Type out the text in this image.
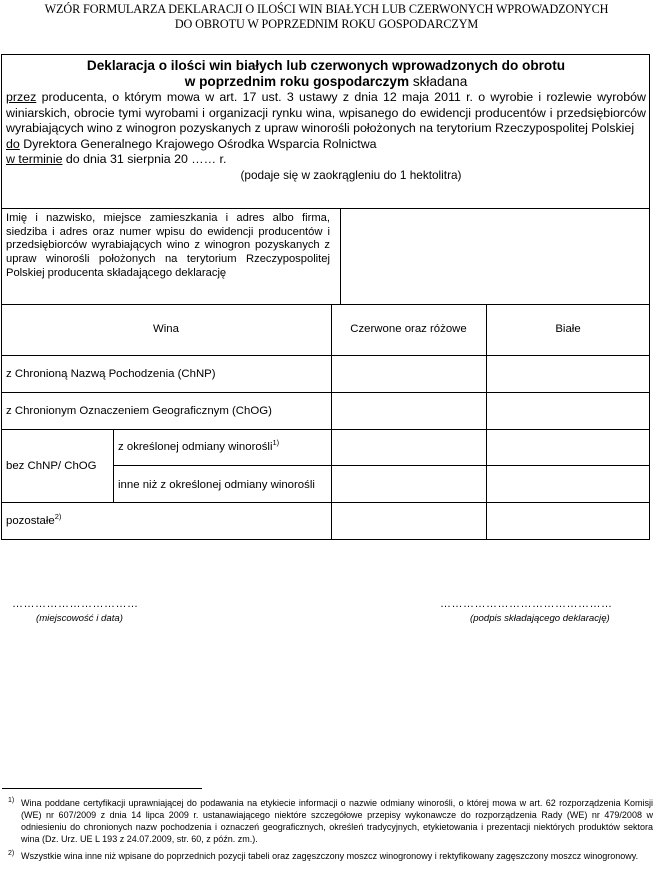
WZÓR FORMULARZA DEKLARACJI O ILOŚCI WIN BIAŁYCH LUB CZERWONYCH WPROWADZONYCH
DO OBROTU W POPRZEDNIM ROKU GOSPODARCZYM
Deklaracja o ilości win białych lub czerwonych wprowadzonych do obrotu
w poprzednim roku gospodarczym składana
przez producenta, o którym mowa w art. 17 ust. 3 ustawy z dnia 12 maja 2011 r. o wyrobie i rozlewie wyrobów winiarskich, obrocie tymi wyrobami i organizacji rynku wina, wpisanego do ewidencji producentów i przedsiębiorców wyrabiających wino z winogron pozyskanych z upraw winorośli położonych na terytorium Rzeczypospolitej Polskiej
do Dyrektora Generalnego Krajowego Ośrodka Wsparcia Rolnictwa
w terminie do dnia 31 sierpnia 20 …… r.
(podaje się w zaokrągleniu do 1 hektolitra)
Imię i nazwisko, miejsce zamieszkania i adres albo firma, siedziba i adres oraz numer wpisu do ewidencji producentów i przedsiębiorców wyrabiających wino z winogron pozyskanych z upraw winorośli położonych na terytorium Rzeczypospolitej Polskiej producenta składającego deklarację
Wina	Czerwone oraz różowe	Białe
z Chronioną Nazwą Pochodzenia (ChNP)
z Chronionym Oznaczeniem Geograficznym (ChOG)
bez ChNP/ ChOG
z określonej odmiany winorośli$^{1)}$
inne niż z określonej odmiany winorośli
pozostałe$^{2)}$
……………………………
(miejscowość i data)
………………………………………
(podpis składającego deklarację)
1) Wina poddane certyfikacji uprawniającej do podawania na etykiecie informacji o nazwie odmiany winorośli, o której mowa w art. 62 rozporządzenia Komisji (WE) nr 607/2009 z dnia 14 lipca 2009 r. ustanawiającego niektóre szczegółowe przepisy wykonawcze do rozporządzenia Rady (WE) nr 479/2008 w odniesieniu do chronionych nazw pochodzenia i oznaczeń geograficznych, określeń tradycyjnych, etykietowania i prezentacji niektórych produktów sektora wina (Dz. Urz. UE L 193 z 24.07.2009, str. 60, z późn. zm.).
2) Wszystkie wina inne niż wpisane do poprzednich pozycji tabeli oraz zagęszczony moszcz winogronowy i rektyfikowany zagęszczony moszcz winogronowy.
